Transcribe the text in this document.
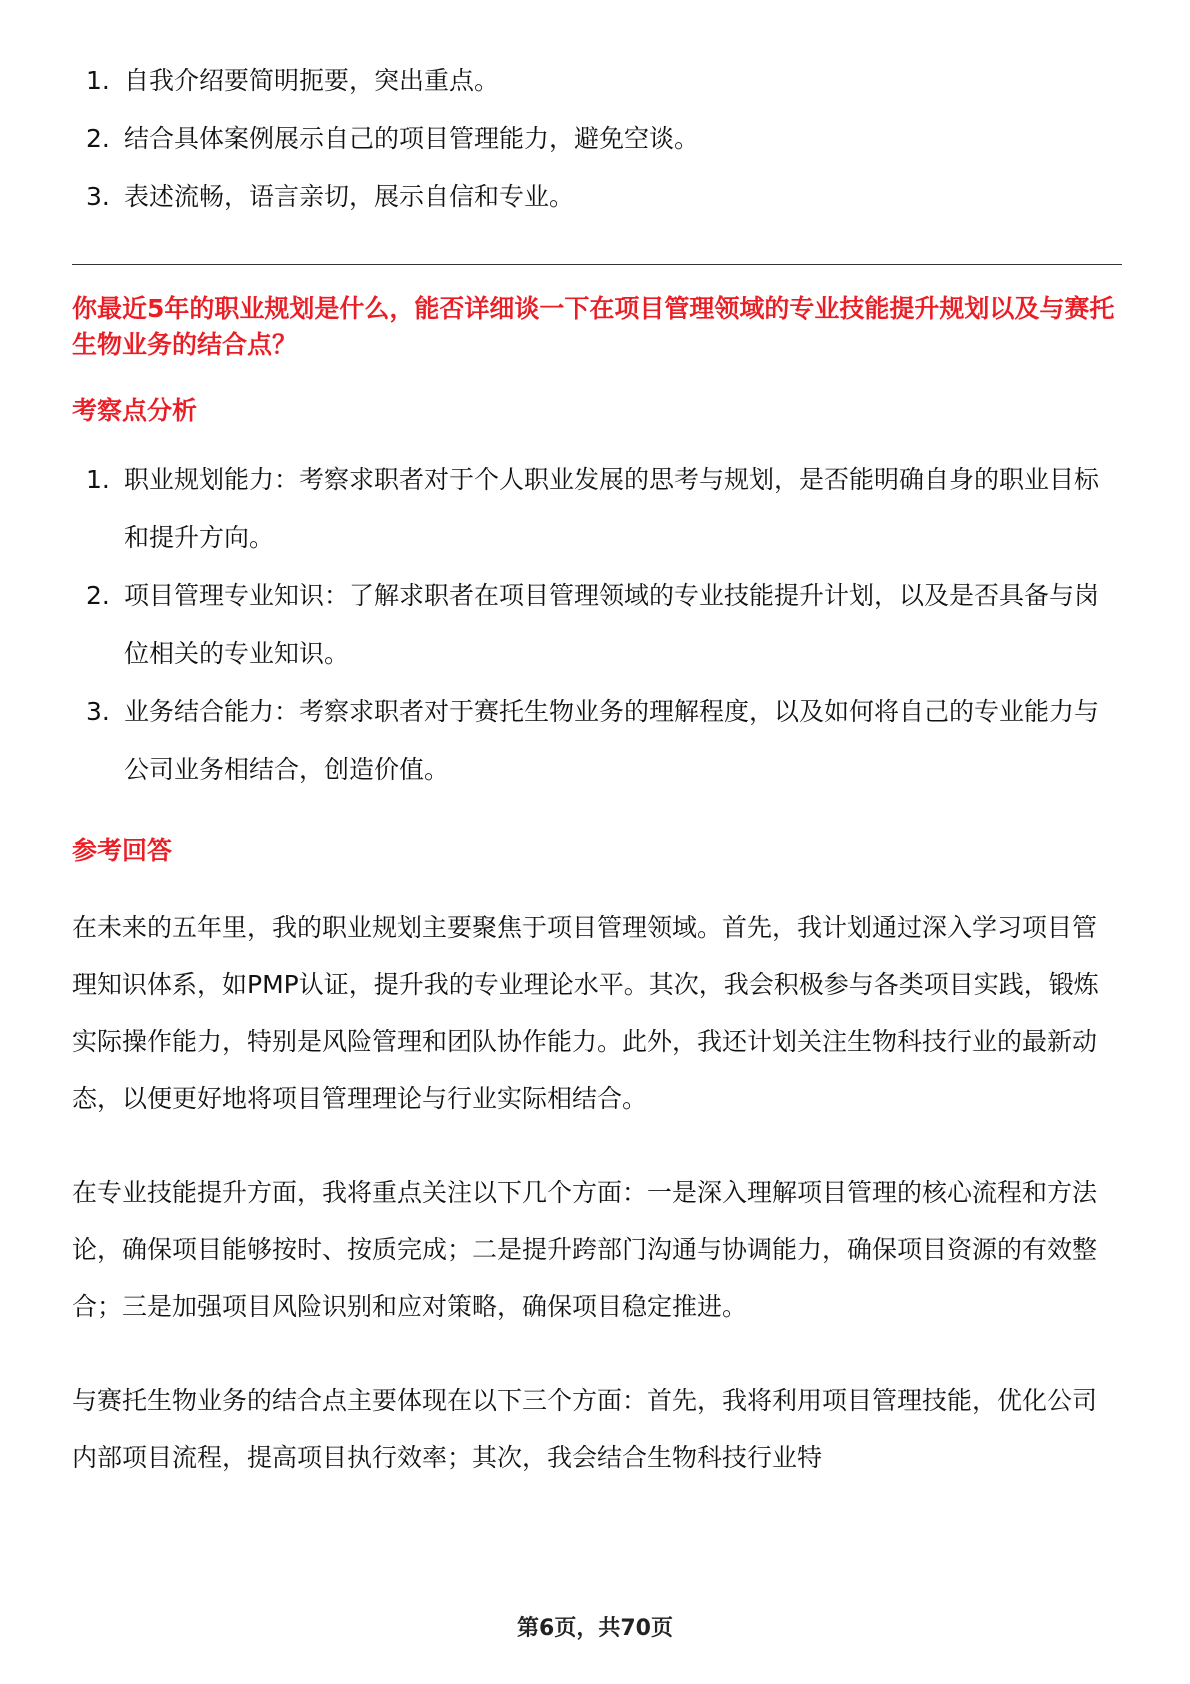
1. 自我介绍要简明扼要，突出重点。
2. 结合具体案例展示自己的项目管理能力，避免空谈。
3. 表述流畅，语言亲切，展示自信和专业。

你最近5年的职业规划是什么，能否详细谈一下在项目管理领域的专业技能提升规划以及与赛托生物业务的结合点？

考察点分析
1. 职业规划能力：考察求职者对于个人职业发展的思考与规划，是否能明确自身的职业目标和提升方向。
2. 项目管理专业知识：了解求职者在项目管理领域的专业技能提升计划，以及是否具备与岗位相关的专业知识。
3. 业务结合能力：考察求职者对于赛托生物业务的理解程度，以及如何将自己的专业能力与公司业务相结合，创造价值。
参考回答

在未来的五年里，我的职业规划主要聚焦于项目管理领域。首先，我计划通过深入学习项目管理知识体系，如PMP认证，提升我的专业理论水平。其次，我会积极参与各类项目实践，锻炼实际操作能力，特别是风险管理和团队协作能力。此外，我还计划关注生物科技行业的最新动态，以便更好地将项目管理理论与行业实际相结合。

在专业技能提升方面，我将重点关注以下几个方面：一是深入理解项目管理的核心流程和方法论，确保项目能够按时、按质完成；二是提升跨部门沟通与协调能力，确保项目资源的有效整合；三是加强项目风险识别和应对策略，确保项目稳定推进。

与赛托生物业务的结合点主要体现在以下三个方面：首先，我将利用项目管理技能，优化公司内部项目流程，提高项目执行效率；其次，我会结合生物科技行业特

第6页，共70页
